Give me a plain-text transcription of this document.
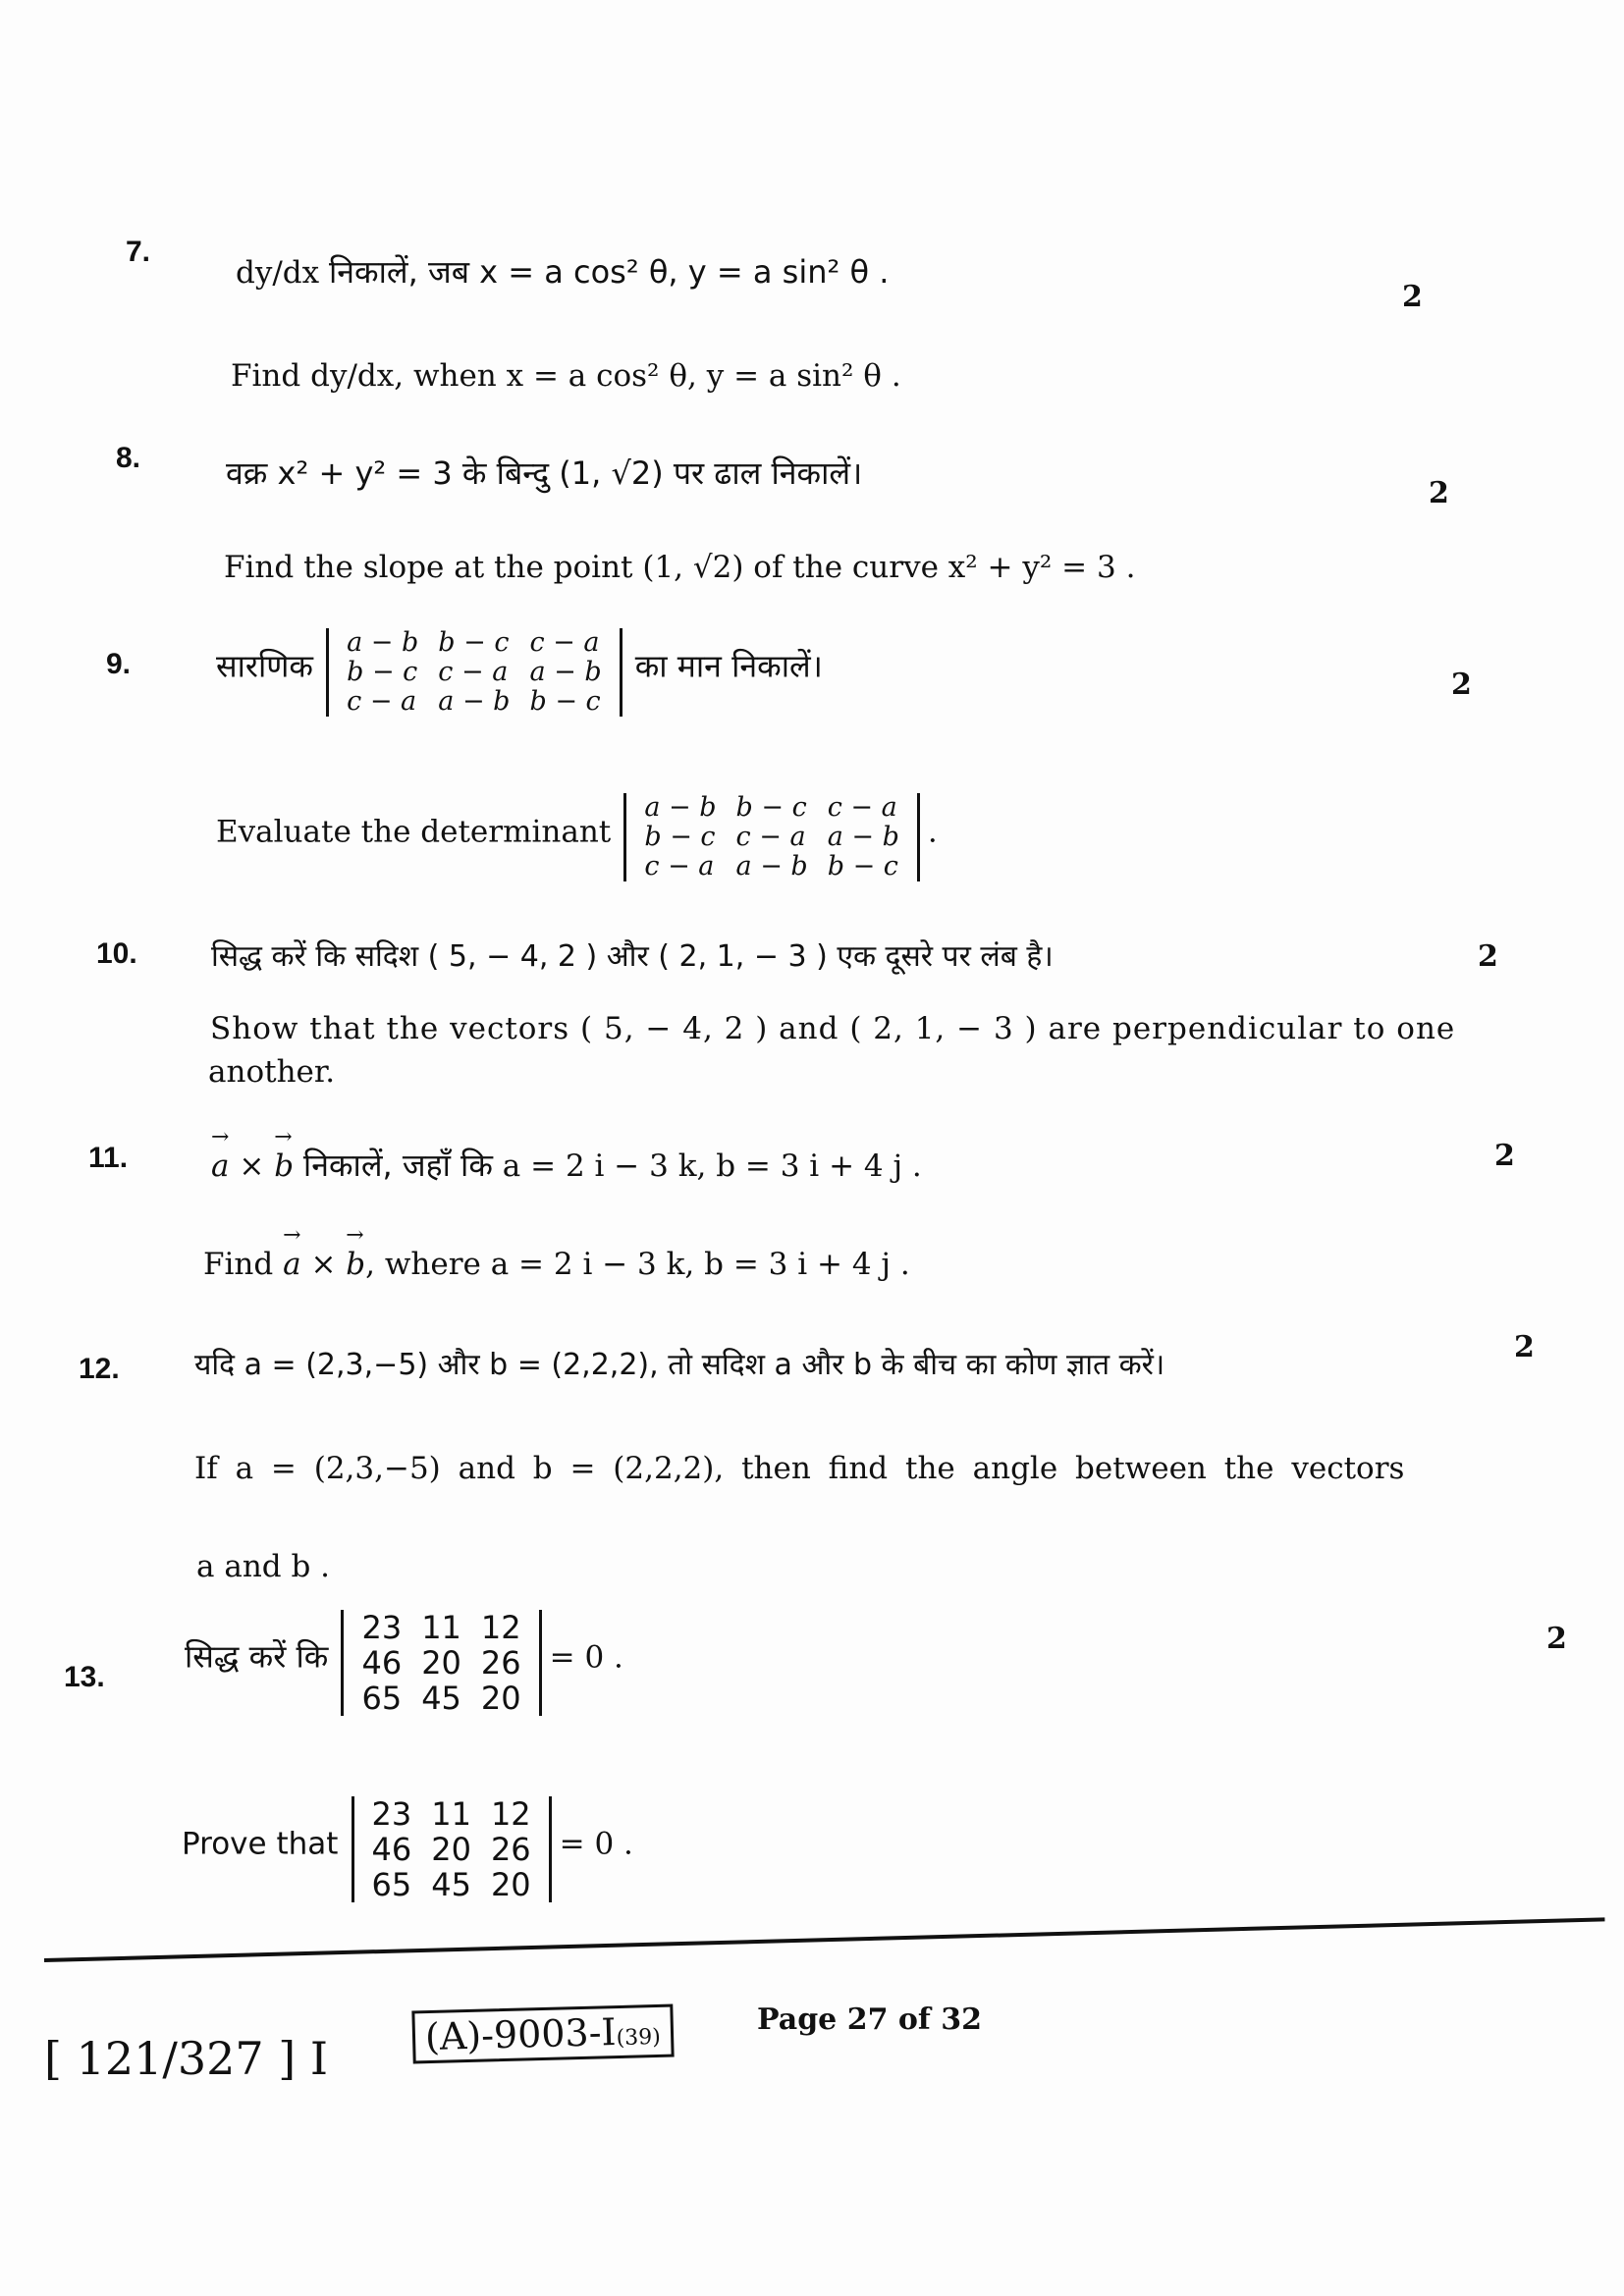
7.
dy/dx निकालें, जब x = a cos² θ, y = a sin² θ .
2
Find dy/dx, when x = a cos² θ, y = a sin² θ .
8.	वक्र x² + y² = 3 के बिन्दु (1, √2) पर ढाल निकालें।
2
Find the slope at the point (1, √2) of the curve x² + y² = 3 .
9.	सारणिक
a − b	b − c	c − a
b − c	c − a	a − b
c − a	a − b	b − c
का मान निकालें।	2
Evaluate the determinant
a − b	b − c	c − a
b − c	c − a	a − b
c − a	a − b	b − c
.
10.	सिद्ध करें कि सदिश ( 5, − 4, 2 ) और ( 2, 1, − 3 ) एक दूसरे पर लंब है।	2
Show that the vectors ( 5, − 4, 2 ) and ( 2, 1, − 3 ) are perpendicular to one
another.
11.	→ a × → b निकालें, जहाँ कि a = 2 i − 3 k, b = 3 i + 4 j .	2
Find → a × → b, where a = 2 i − 3 k, b = 3 i + 4 j .
12.	यदि a = (2,3,−5) और b = (2,2,2), तो सदिश a और b के बीच का कोण ज्ञात करें।
2
If a = (2,3,−5) and b = (2,2,2), then find the angle between the vectors
a and b .
13.
सिद्ध करें कि
23	11	12
46	20	26
65	45	20
= 0 .
2
Prove that
23	11	12
46	20	26
65	45	20
= 0 .
[ 121/327 ] I	(A)-9003-I(39)
Page 27 of 32
